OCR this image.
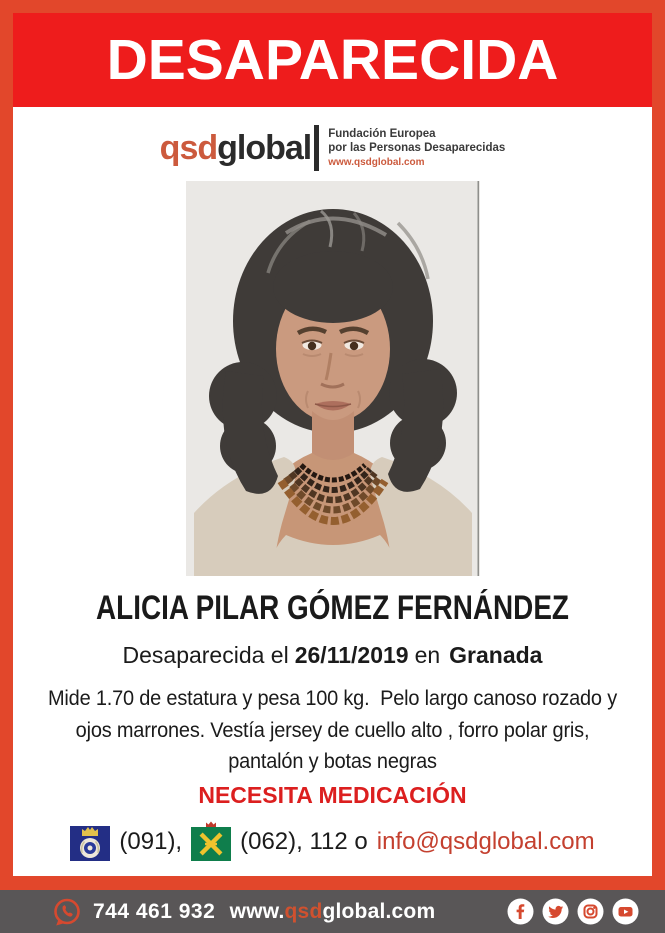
DESAPARECIDA
qsdglobal Fundación Europea
por las Personas Desaparecidas
www.qsdglobal.com
ALICIA PILAR GÓMEZ FERNÁNDEZ
Desaparecida el 26/11/2019 en Granada
Mide 1.70 de estatura y pesa 100 kg.  Pelo largo canoso rozado y
ojos marrones. Vestía jersey de cuello alto , forro polar gris,
pantalón y botas negras
NECESITA MEDICACIÓN
(091), (062), 112 o info@qsdglobal.com
744 461 932 www.qsdglobal.com
